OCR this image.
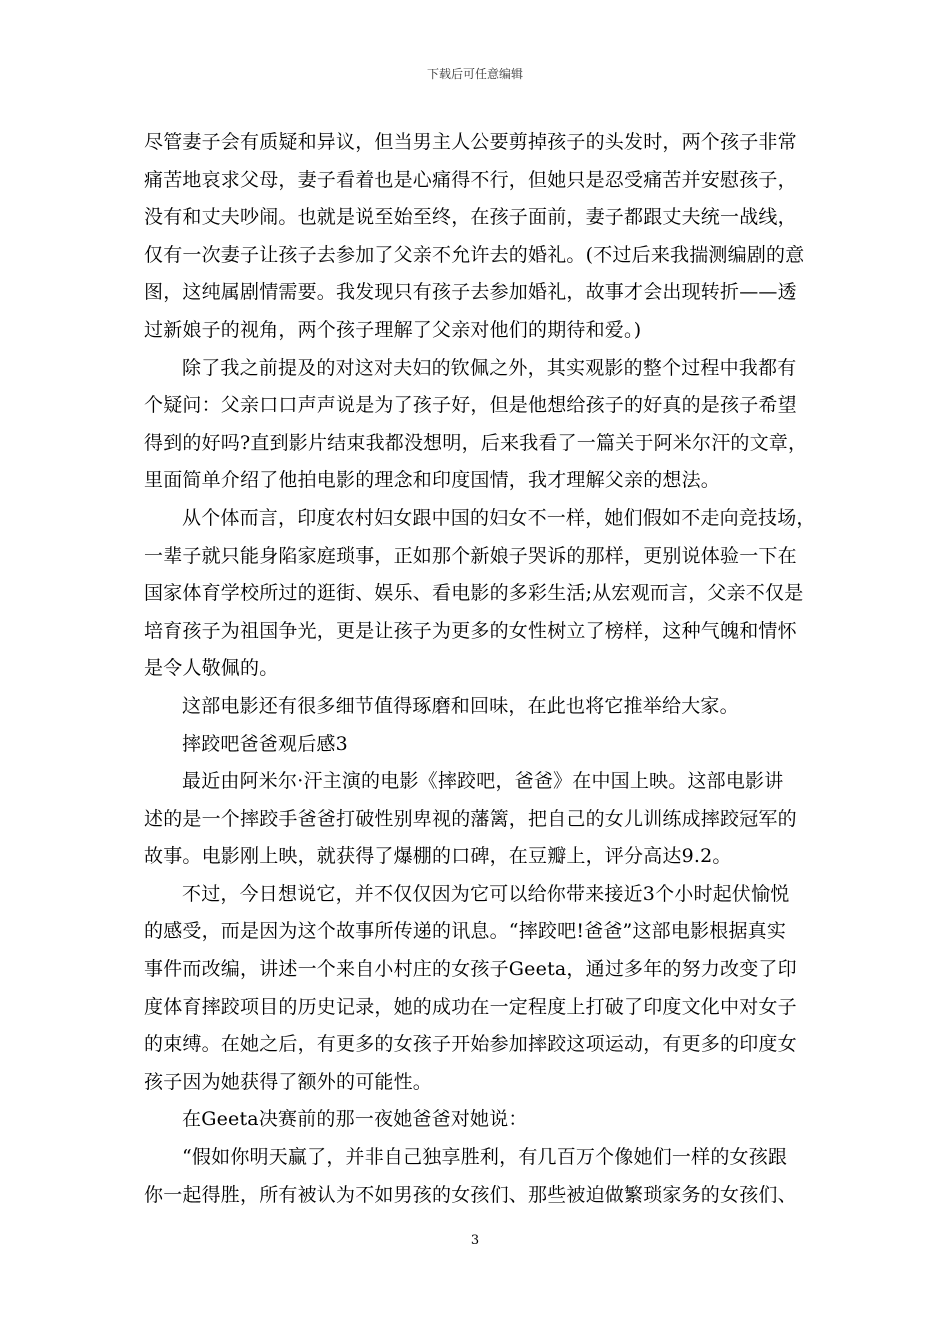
下载后可任意编辑

尽管妻子会有质疑和异议，但当男主人公要剪掉孩子的头发时，两个孩子非常
痛苦地哀求父母，妻子看着也是心痛得不行，但她只是忍受痛苦并安慰孩子，
没有和丈夫吵闹。也就是说至始至终，在孩子面前，妻子都跟丈夫统一战线，
仅有一次妻子让孩子去参加了父亲不允许去的婚礼。(不过后来我揣测编剧的意
图，这纯属剧情需要。我发现只有孩子去参加婚礼，故事才会出现转折——透
过新娘子的视角，两个孩子理解了父亲对他们的期待和爱。)

除了我之前提及的对这对夫妇的钦佩之外，其实观影的整个过程中我都有
个疑问：父亲口口声声说是为了孩子好，但是他想给孩子的好真的是孩子希望
得到的好吗?直到影片结束我都没想明，后来我看了一篇关于阿米尔汗的文章，
里面简单介绍了他拍电影的理念和印度国情，我才理解父亲的想法。

从个体而言，印度农村妇女跟中国的妇女不一样，她们假如不走向竞技场，
一辈子就只能身陷家庭琐事，正如那个新娘子哭诉的那样，更别说体验一下在
国家体育学校所过的逛街、娱乐、看电影的多彩生活;从宏观而言，父亲不仅是
培育孩子为祖国争光，更是让孩子为更多的女性树立了榜样，这种气魄和情怀
是令人敬佩的。

这部电影还有很多细节值得琢磨和回味，在此也将它推举给大家。

摔跤吧爸爸观后感3

最近由阿米尔·汗主演的电影《摔跤吧，爸爸》在中国上映。这部电影讲
述的是一个摔跤手爸爸打破性别卑视的藩篱，把自己的女儿训练成摔跤冠军的
故事。电影刚上映，就获得了爆棚的口碑，在豆瓣上，评分高达9.2。

不过，今日想说它，并不仅仅因为它可以给你带来接近3个小时起伏愉悦
的感受，而是因为这个故事所传递的讯息。“摔跤吧!爸爸”这部电影根据真实
事件而改编，讲述一个来自小村庄的女孩子Geeta，通过多年的努力改变了印
度体育摔跤项目的历史记录，她的成功在一定程度上打破了印度文化中对女子
的束缚。在她之后，有更多的女孩子开始参加摔跤这项运动，有更多的印度女
孩子因为她获得了额外的可能性。

在Geeta决赛前的那一夜她爸爸对她说：

“假如你明天赢了，并非自己独享胜利，有几百万个像她们一样的女孩跟
你一起得胜，所有被认为不如男孩的女孩们、那些被迫做繁琐家务的女孩们、

3
